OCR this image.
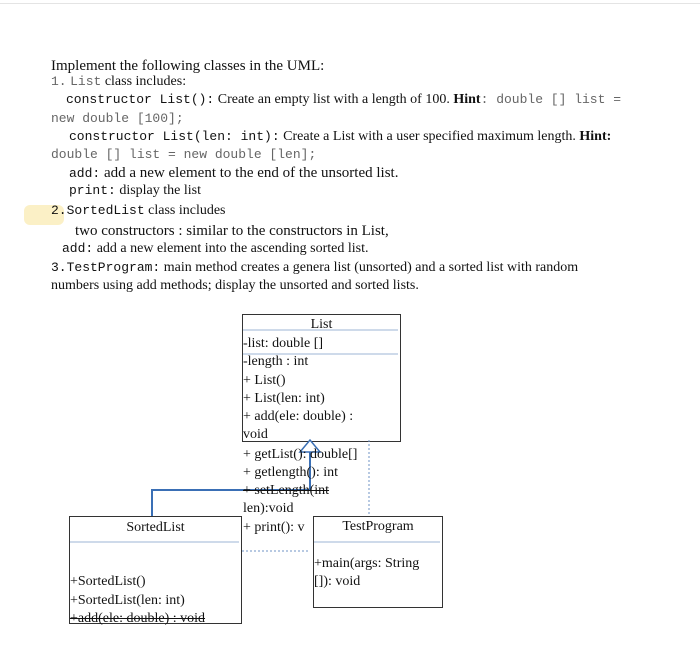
Implement the following classes in the UML:
1. List class includes:
constructor List(): Create an empty list with a length of 100. Hint: double [] list =
new double [100];
constructor List(len: int): Create a List with a user specified maximum length. Hint:
double [] list = new double [len];
add: add a new element to the end of the unsorted list.
print: display the list
2.SortedList class includes
two constructors : similar to the constructors in List,
add: add a new element into the ascending sorted list.
3.TestProgram: main method creates a genera list (unsorted) and a sorted list with random
numbers using add methods; display the unsorted and sorted lists.
List
-list: double []
-length : int
+ List()
+ List(len: int)
+ add(ele: double) :
void
+ getList(): double[]
+ getlength(): int
+ setLength(int
len):void
+ print(): v
SortedList
+SortedList()
+SortedList(len: int)
+add(ele: double) : void
TestProgram
+main(args: String
[]): void
